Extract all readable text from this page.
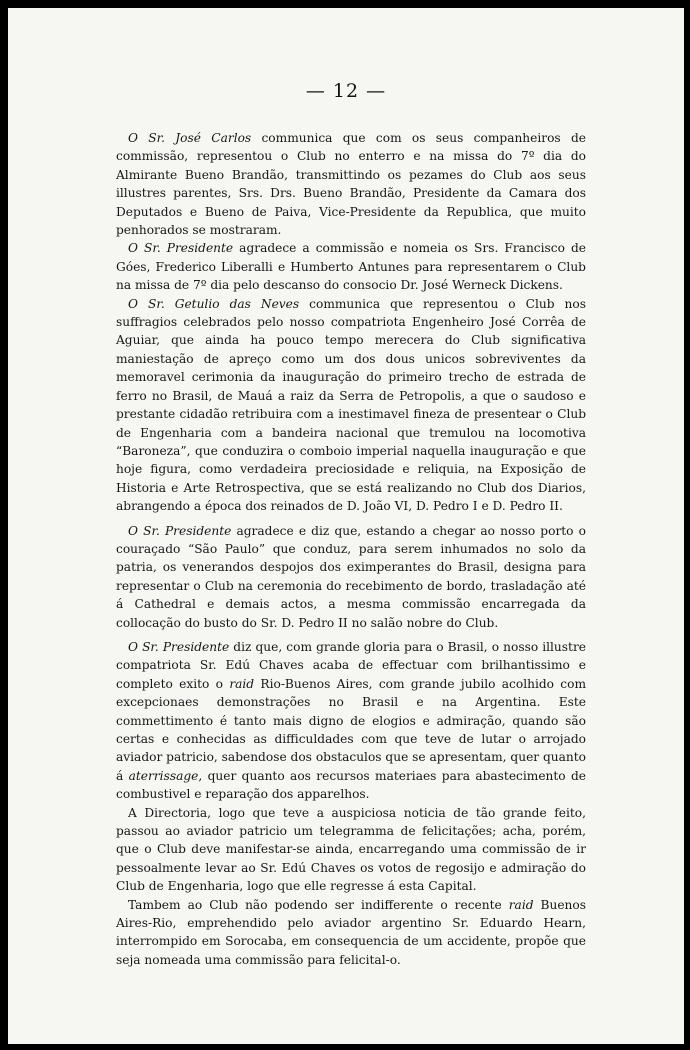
— 12 —

O Sr. José Carlos communica que com os seus companheiros de commissão, representou o Club no enterro e na missa do 7º dia do Almirante Bueno Brandão, transmittindo os pezames do Club aos seus illustres parentes, Srs. Drs. Bueno Brandão, Presidente da Camara dos Deputados e Bueno de Paiva, Vice-Presidente da Republica, que muito penhorados se mostraram.

O Sr. Presidente agradece a commissão e nomeia os Srs. Francisco de Góes, Frederico Liberalli e Humberto Antunes para representarem o Club na missa de 7º dia pelo descanso do consocio Dr. José Werneck Dickens.

O Sr. Getulio das Neves communica que representou o Club nos suffragios celebrados pelo nosso compatriota Engenheiro José Corrêa de Aguiar, que ainda ha pouco tempo merecera do Club significativa maniestação de apreço como um dos dous unicos sobreviventes da memoravel cerimonia da inauguração do primeiro trecho de estrada de ferro no Brasil, de Mauá a raiz da Serra de Petropolis, a que o saudoso e prestante cidadão retribuira com a inestimavel fineza de presentear o Club de Engenharia com a bandeira nacional que tremulou na locomotiva “Baroneza”, que conduzira o comboio imperial naquella inauguração e que hoje figura, como verdadeira preciosidade e reliquia, na Exposição de Historia e Arte Retrospectiva, que se está realizando no Club dos Diarios, abrangendo a época dos reinados de D. João VI, D. Pedro I e D. Pedro II.

O Sr. Presidente agradece e diz que, estando a chegar ao nosso porto o couraçado “São Paulo” que conduz, para serem inhumados no solo da patria, os venerandos despojos dos eximperantes do Brasil, designa para representar o Club na ceremonia do recebimento de bordo, trasladação até á Cathedral e demais actos, a mesma commissão encarregada da collocação do busto do Sr. D. Pedro II no salão nobre do Club.

O Sr. Presidente diz que, com grande gloria para o Brasil, o nosso illustre compatriota Sr. Edú Chaves acaba de effectuar com brilhantissimo e completo exito o raid Rio-Buenos Aires, com grande jubilo acolhido com excepcionaes demonstrações no Brasil e na Argentina. Este commettimento é tanto mais digno de elogios e admiração, quando são certas e conhecidas as difficuldades com que teve de lutar o arrojado aviador patricio, sabendose dos obstaculos que se apresentam, quer quanto á aterrissage, quer quanto aos recursos materiaes para abastecimento de combustivel e reparação dos apparelhos.

A Directoria, logo que teve a auspiciosa noticia de tão grande feito, passou ao aviador patricio um telegramma de felicitações; acha, porém, que o Club deve manifestar-se ainda, encarregando uma commissão de ir pessoalmente levar ao Sr. Edú Chaves os votos de regosijo e admiração do Club de Engenharia, logo que elle regresse á esta Capital.

Tambem ao Club não podendo ser indifferente o recente raid Buenos Aires-Rio, emprehendido pelo aviador argentino Sr. Eduardo Hearn, interrompido em Sorocaba, em consequencia de um accidente, propõe que seja nomeada uma commissão para felicital-o.
